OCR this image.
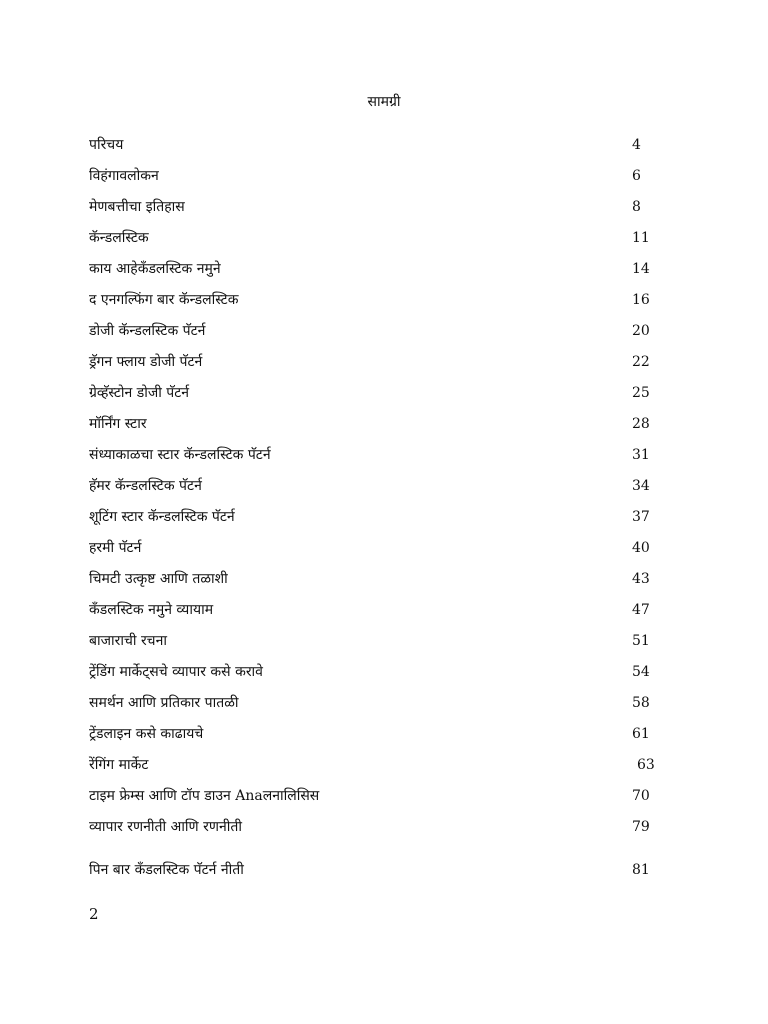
सामग्री
परिचय	4
विहंगावलोकन	6
मेणबत्तीचा इतिहास	8
कॅन्डलस्टिक	11
काय आहेकँडलस्टिक नमुने	14
द एनगल्फिंग बार कॅन्डलस्टिक	16
डोजी कॅन्डलस्टिक पॅटर्न	20
ड्रॅगन फ्लाय डोजी पॅटर्न	22
ग्रेव्हॅस्टोन डोजी पॅटर्न	25
मॉर्निंग स्टार	28
संध्याकाळचा स्टार कॅन्डलस्टिक पॅटर्न	31
हॅमर कॅन्डलस्टिक पॅटर्न	34
शूटिंग स्टार कॅन्डलस्टिक पॅटर्न	37
हरमी पॅटर्न	40
चिमटी उत्कृष्ट आणि तळाशी	43
कँडलस्टिक नमुने व्यायाम	47
बाजाराची रचना	51
ट्रेंडिंग मार्केट्सचे व्यापार कसे करावे	54
समर्थन आणि प्रतिकार पातळी	58
ट्रेंडलाइन कसे काढायचे	61
रेंगिंग मार्केट	63
टाइम फ्रेम्स आणि टॉप डाउन Anaलनालिसिस	70
व्यापार रणनीती आणि रणनीती	79
पिन बार कँडलस्टिक पॅटर्न नीती	81
2
